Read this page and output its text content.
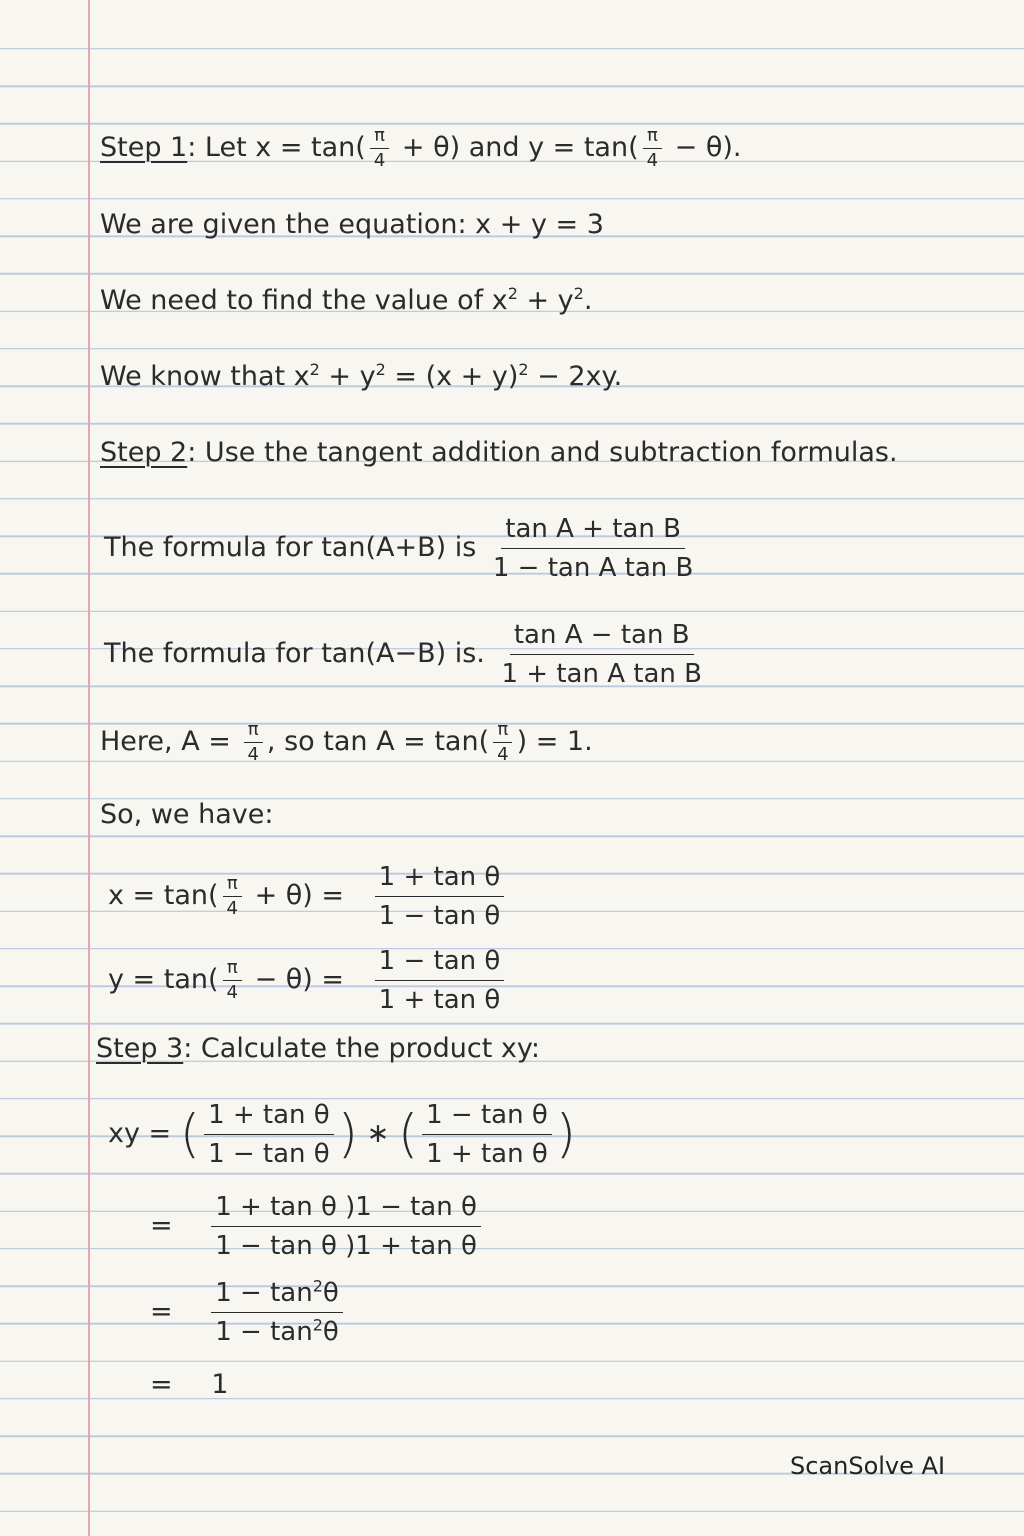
Step 1: Let $x = \tan( \frac{\pi}{4} + \theta)$ and $y = \tan( \frac{\pi}{4} - \theta)$.
We are given the equation: x + y = 3
We need to find the value of $x^2 + y^2$.
We know that $x^2 + y^2 = (x + y)^2 - 2xy$.
Step 2: Use the tangent addition and subtraction formulas.
The formula for tan(A+B) is $\frac{\text{tan A + tan B}}{\text{1 − tan A tan B}}$
The formula for tan(A−B) is. $\frac{\text{tan A − tan B}}{\text{1 + tan A tan B}}$
Here, $A = \frac{\pi}{4}$ , so $\tan A = \tan( \frac{\pi}{4}$ ) = 1.
So, we have:
$x = \tan( \frac{\pi}{4} + \theta) = \frac{\text{1 + tan θ}}{\text{1 − tan θ}}$
$y = \tan( \frac{\pi}{4} - \theta) = \frac{\text{1 − tan θ}}{\text{1 + tan θ}}$
Step 3: Calculate the product xy:
xy = ( $\frac{\text{1 + tan θ}}{\text{1 − tan θ}}$ ) ∗ ( $\frac{\text{1 − tan θ}}{\text{1 + tan θ}}$ )
= $\frac{\text{1 + tan θ )1 − tan θ}}{\text{1 − tan θ )1 + tan θ}}$
= $\frac{1 - \tan^2\theta}{1 - \tan^2\theta}$
= 1
ScanSolve AI
